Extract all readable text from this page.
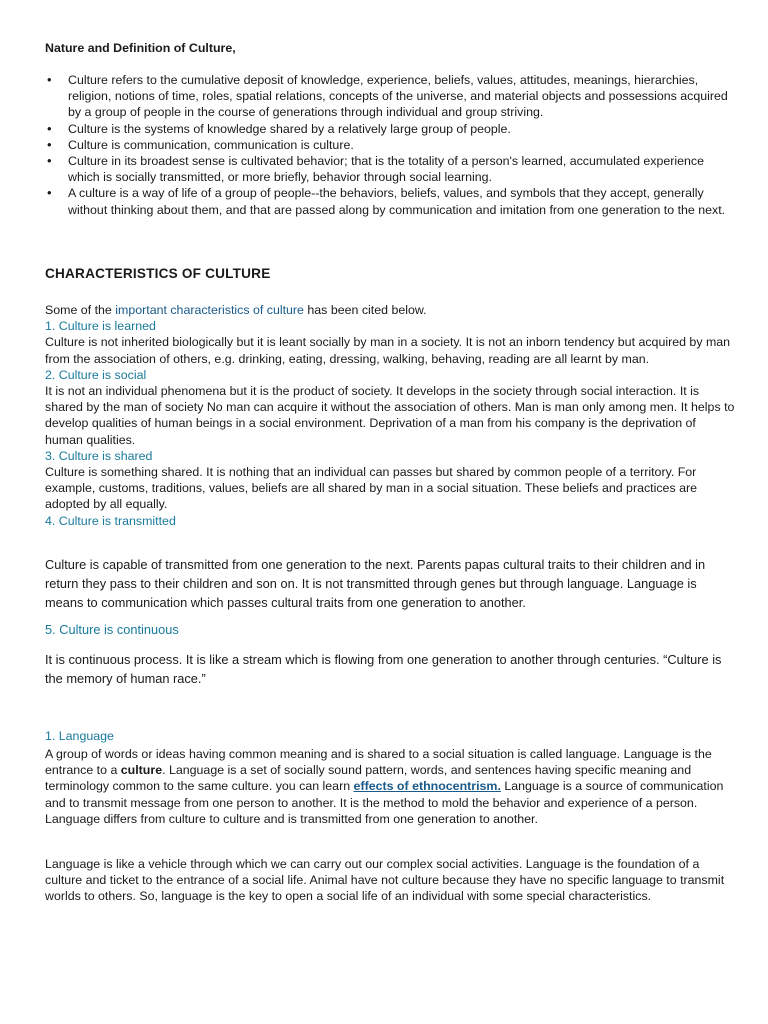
Nature and Definition of Culture,

• Culture refers to the cumulative deposit of knowledge, experience, beliefs, values, attitudes, meanings, hierarchies, religion, notions of time, roles, spatial relations, concepts of the universe, and material objects and possessions acquired by a group of people in the course of generations through individual and group striving.
• Culture is the systems of knowledge shared by a relatively large group of people.
• Culture is communication, communication is culture.
• Culture in its broadest sense is cultivated behavior; that is the totality of a person's learned, accumulated experience which is socially transmitted, or more briefly, behavior through social learning.
• A culture is a way of life of a group of people--the behaviors, beliefs, values, and symbols that they accept, generally without thinking about them, and that are passed along by communication and imitation from one generation to the next.

CHARACTERISTICS OF CULTURE

Some of the important characteristics of culture has been cited below.
1. Culture is learned
Culture is not inherited biologically but it is leant socially by man in a society. It is not an inborn tendency but acquired by man from the association of others, e.g. drinking, eating, dressing, walking, behaving, reading are all learnt by man.
2. Culture is social
It is not an individual phenomena but it is the product of society. It develops in the society through social interaction. It is shared by the man of society No man can acquire it without the association of others. Man is man only among men. It helps to develop qualities of human beings in a social environment. Deprivation of a man from his company is the deprivation of human qualities.
3. Culture is shared
Culture is something shared. It is nothing that an individual can passes but shared by common people of a territory. For example, customs, traditions, values, beliefs are all shared by man in a social situation. These beliefs and practices are adopted by all equally.
4. Culture is transmitted

Culture is capable of transmitted from one generation to the next. Parents papas cultural traits to their children and in return they pass to their children and son on. It is not transmitted through genes but through language. Language is means to communication which passes cultural traits from one generation to another.

5. Culture is continuous

It is continuous process. It is like a stream which is flowing from one generation to another through centuries. “Culture is the memory of human race.”

1. Language

A group of words or ideas having common meaning and is shared to a social situation is called language. Language is the entrance to a culture. Language is a set of socially sound pattern, words, and sentences having specific meaning and terminology common to the same culture. you can learn effects of ethnocentrism. Language is a source of communication and to transmit message from one person to another. It is the method to mold the behavior and experience of a person. Language differs from culture to culture and is transmitted from one generation to another.

Language is like a vehicle through which we can carry out our complex social activities. Language is the foundation of a culture and ticket to the entrance of a social life. Animal have not culture because they have no specific language to transmit worlds to others. So, language is the key to open a social life of an individual with some special characteristics.
